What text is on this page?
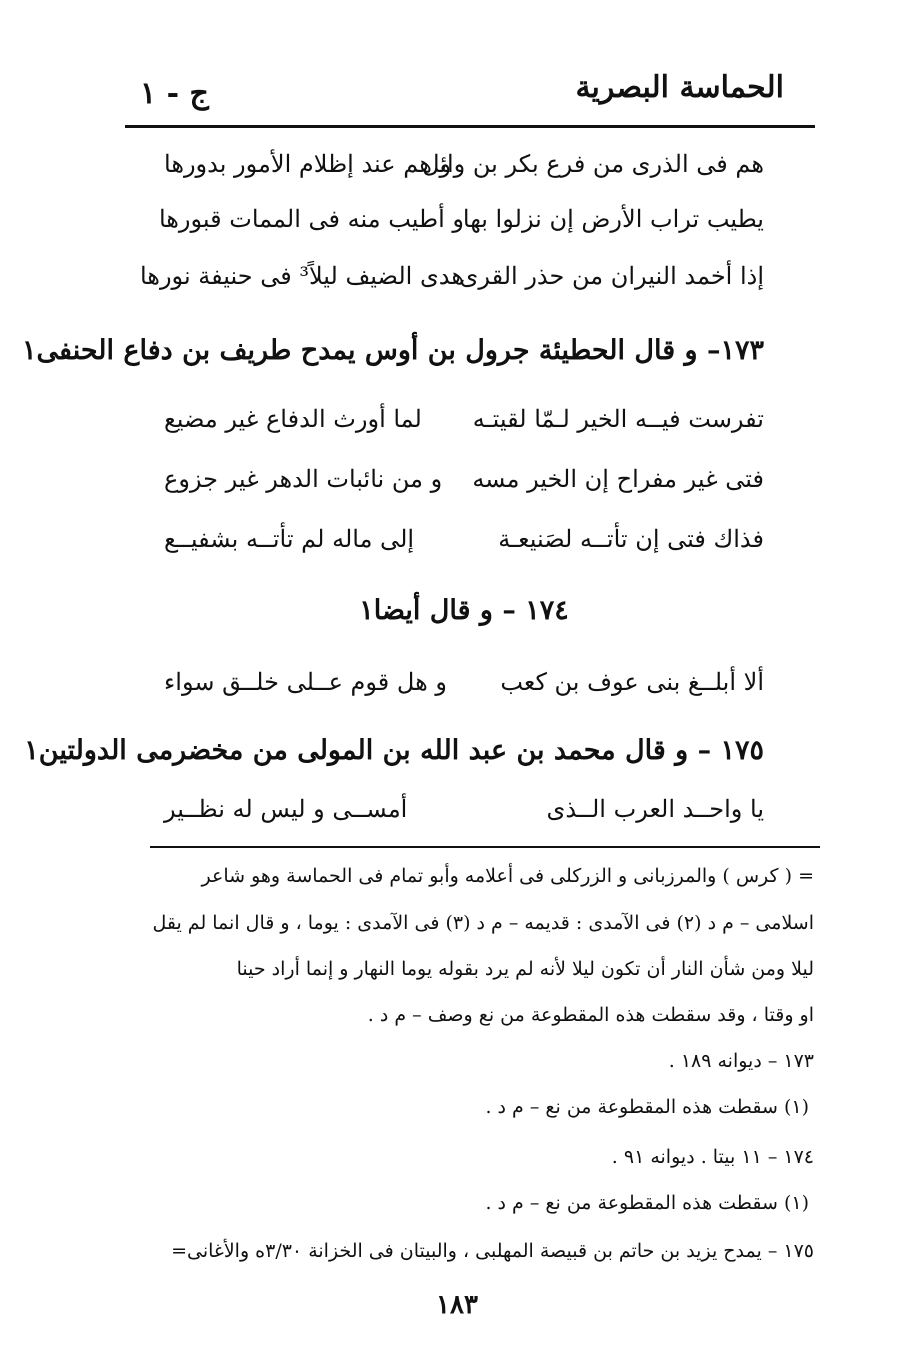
الحماسة البصرية
ج - ١
هم فى الذرى من فرع بكر بن وائل
و هم عند إظلام الأمور بدورها
يطيب تراب الأرض إن نزلوا بها
و أطيب منه فى الممات قبورها
إذا أخمد النيران من حذر القرى
هدى الضيف ليلاً³ فى حنيفة نورها
١٧٣– و قال الحطيئة جرول بن أوس يمدح طريف بن دفاع الحنفى١
تفرست فيــه الخير لـمّا لقيتـه
لما أورث الدفاع غير مضيع
فتى غير مفراح إن الخير مسه
و من نائبات الدهر غير جزوع
فذاك فتى إن تأتــه لصَنيعـة
إلى ماله لم تأتــه بشفيــع
١٧٤ – و قال أيضا١
ألا أبلــغ بنى عوف بن كعب
و هل قوم عــلى خلــق سواء
١٧٥ – و قال محمد بن عبد الله بن المولى من مخضرمى الدولتين١
يا واحــد العرب الــذى
أمســى و ليس له نظــير
= ( كرس ) والمرزبانى و الزركلى فى أعلامه وأبو تمام فى الحماسة وهو شاعر
اسلامى – م د (٢) فى الآمدى : قديمه – م د (٣) فى الآمدى : يوما ، و قال انما لم يقل
ليلا ومن شأن النار أن تكون ليلا لأنه لم يرد بقوله يوما النهار و إنما أراد حينا
او وقتا ، وقد سقطت هذه المقطوعة من نع وصف – م د .
١٧٣ – ديوانه ١٨٩ .
(١) سقطت هذه المقطوعة من نع – م د .
١٧٤ – ١١ بيتا . ديوانه ٩١ .
(١) سقطت هذه المقطوعة من نع – م د .
١٧٥ – يمدح يزيد بن حاتم بن قبيصة المهلبى ، والبيتان فى الخزانة ٣/٣٠ه والأغانى=
١٨٣
